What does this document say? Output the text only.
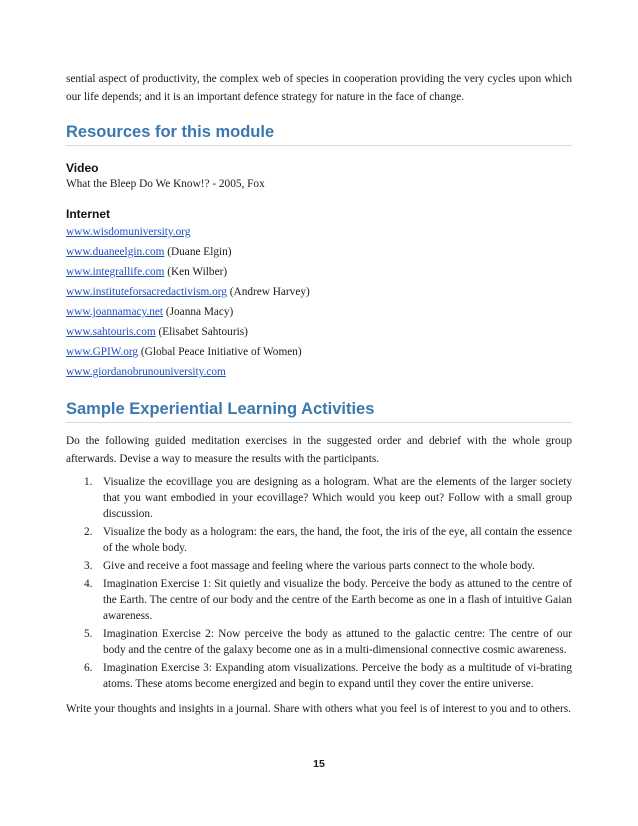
sential aspect of productivity, the complex web of species in cooperation providing the very cycles upon which our life depends; and it is an important defence strategy for nature in the face of change.

Resources for this module
Video

What the Bleep Do We Know!? - 2005, Fox

Internet

www.wisdomuniversity.org

www.duaneelgin.com (Duane Elgin)

www.integrallife.com (Ken Wilber)

www.instituteforsacredactivism.org (Andrew Harvey)

www.joannamacy.net (Joanna Macy)

www.sahtouris.com (Elisabet Sahtouris)

www.GPIW.org (Global Peace Initiative of Women)

www.giordanobrunouniversity.com

Sample Experiential Learning Activities

Do the following guided meditation exercises in the suggested order and debrief with the whole group afterwards. Devise a way to measure the results with the participants.

1. Visualize the ecovillage you are designing as a hologram. What are the elements of the larger society that you want embodied in your ecovillage? Which would you keep out? Follow with a small group discussion.
2. Visualize the body as a hologram: the ears, the hand, the foot, the iris of the eye, all contain the essence of the whole body.
3. Give and receive a foot massage and feeling where the various parts connect to the whole body.
4. Imagination Exercise 1: Sit quietly and visualize the body. Perceive the body as attuned to the centre of the Earth. The centre of our body and the centre of the Earth become as one in a flash of intuitive Gaian awareness.
5. Imagination Exercise 2: Now perceive the body as attuned to the galactic centre: The centre of our body and the centre of the galaxy become one as in a multi-dimensional connective cosmic awareness.
6. Imagination Exercise 3: Expanding atom visualizations. Perceive the body as a multitude of vi-brating atoms. These atoms become energized and begin to expand until they cover the entire universe.

Write your thoughts and insights in a journal. Share with others what you feel is of interest to you and to others.

15
